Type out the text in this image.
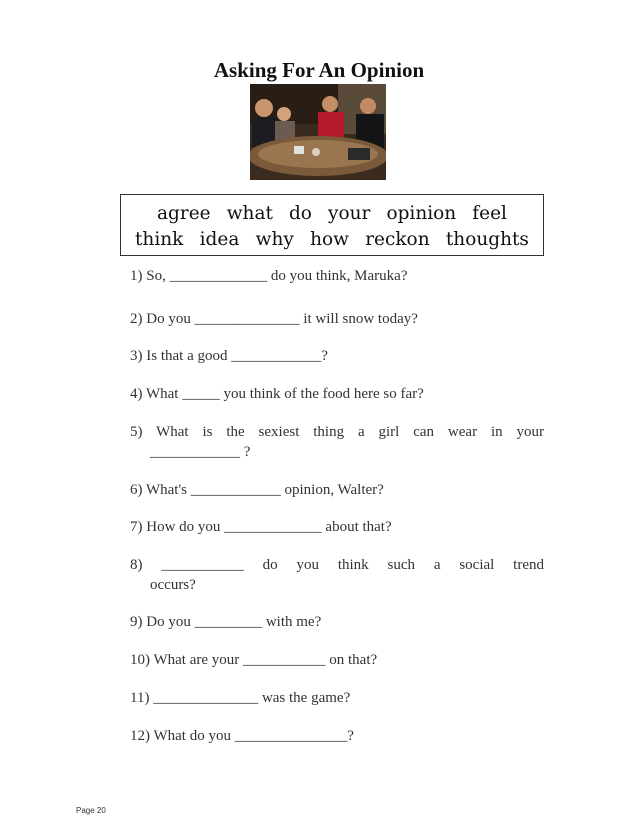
Asking For An Opinion
agree what do your opinion feel
think idea why how reckon thoughts
1) So, _____________ do you think, Maruka?
2) Do you ______________ it will snow today?
3) Is that a good ____________?
4) What _____ you think of the food here so far?
5) What is the sexiest thing a girl can wear in your
____________ ?
6) What's ____________ opinion, Walter?
7) How do you _____________ about that?
8) ___________ do you think such a social trend
occurs?
9) Do you _________ with me?
10) What are your ___________ on that?
11) ______________ was the game?
12) What do you _______________?
Page 20
